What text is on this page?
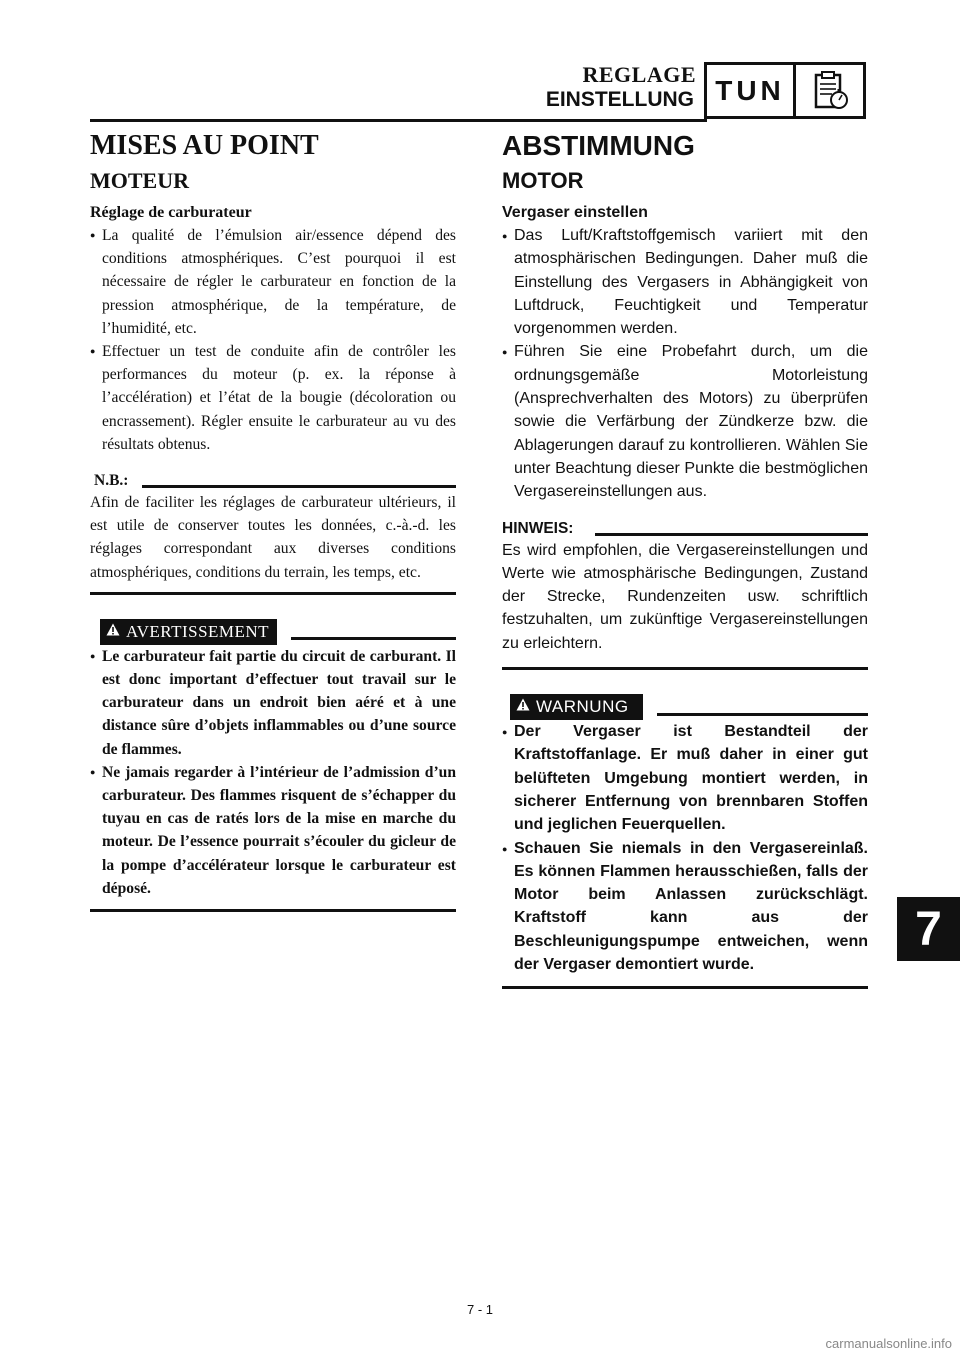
REGLAGE
EINSTELLUNG TUN
MISES AU POINT
MOTEUR
Réglage de carburateur
● La qualité de l’émulsion air/essence dépend des conditions atmosphériques. C’est pourquoi il est nécessaire de régler le carburateur en fonction de la pression atmosphérique, de la température, de l’humidité, etc.
● Effectuer un test de conduite afin de contrôler les performances du moteur (p. ex. la réponse à l’accélération) et l’état de la bougie (décoloration ou encrassement). Régler ensuite le carburateur au vu des résultats obtenus.
N.B.:

Afin de faciliter les réglages de carburateur ultérieurs, il est utile de conserver toutes les données, c.-à.-d. les réglages correspondant aux diverses conditions atmosphériques, conditions du terrain, les temps, etc.

AVERTISSEMENT
● Le carburateur fait partie du circuit de carburant. Il est donc important d’effectuer tout travail sur le carburateur dans un endroit bien aéré et à une distance sûre d’objets inflammables ou d’une source de flammes.
● Ne jamais regarder à l’intérieur de l’admission d’un carburateur. Des flammes risquent de s’échapper du tuyau en cas de ratés lors de la mise en marche du moteur. De l’essence pourrait s’écouler du gicleur de la pompe d’accélérateur lorsque le carburateur est déposé.
ABSTIMMUNG
MOTOR
Vergaser einstellen
● Das Luft/Kraftstoffgemisch variiert mit den atmosphärischen Bedingungen. Daher muß die Einstellung des Vergasers in Abhängigkeit von Luftdruck, Feuchtigkeit und Temperatur vorgenommen werden.
● Führen Sie eine Probefahrt durch, um die ordnungsgemäße Motorleistung (Ansprechverhalten des Motors) zu überprüfen sowie die Verfärbung der Zündkerze bzw. die Ablagerungen darauf zu kontrollieren. Wählen Sie unter Beachtung dieser Punkte die bestmöglichen Vergasereinstellungen aus.
HINWEIS:

Es wird empfohlen, die Vergasereinstellungen und Werte wie atmosphärische Bedingungen, Zustand der Strecke, Rundenzeiten usw. schriftlich festzuhalten, um zukünftige Vergasereinstellungen zu erleichtern.

WARNUNG
● Der Vergaser ist Bestandteil der Kraftstoffanlage. Er muß daher in einer gut belüfteten Umgebung montiert werden, in sicherer Entfernung von brennbaren Stoffen und jeglichen Feuerquellen.
● Schauen Sie niemals in den Vergasereinlaß. Es können Flammen herausschießen, falls der Motor beim Anlassen zurückschlägt. Kraftstoff kann aus der Beschleunigungspumpe entweichen, wenn der Vergaser demontiert wurde.
7
7 - 1
carmanualsonline.info
